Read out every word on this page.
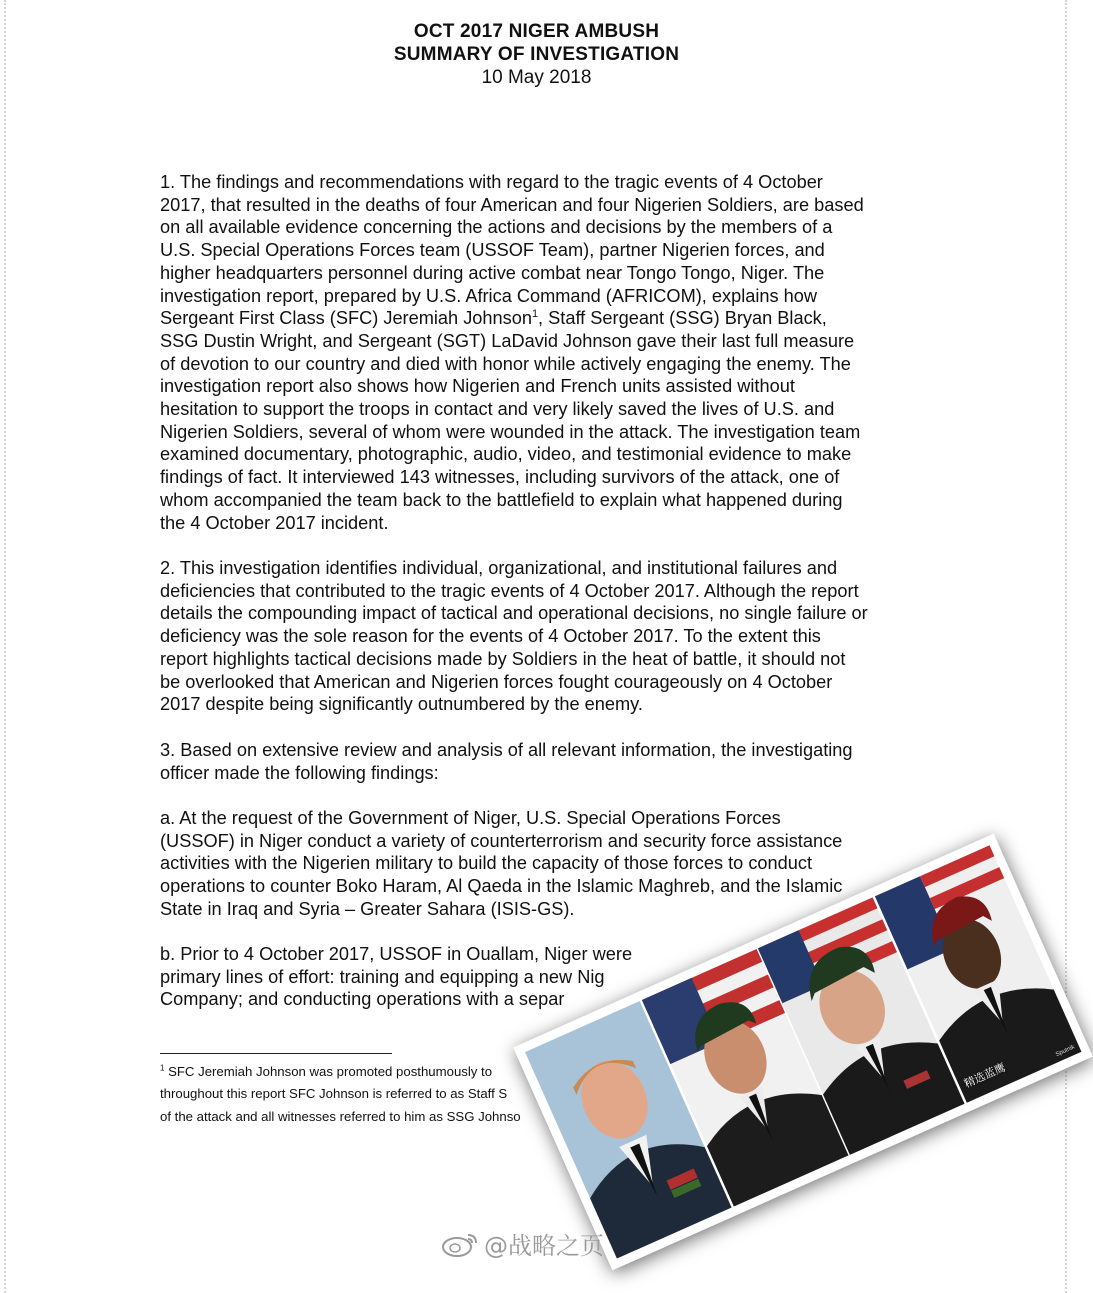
OCT 2017 NIGER AMBUSH
SUMMARY OF INVESTIGATION
10 May 2018

1. The findings and recommendations with regard to the tragic events of 4 October
2017, that resulted in the deaths of four American and four Nigerien Soldiers, are based
on all available evidence concerning the actions and decisions by the members of a
U.S. Special Operations Forces team (USSOF Team), partner Nigerien forces, and
higher headquarters personnel during active combat near Tongo Tongo, Niger. The
investigation report, prepared by U.S. Africa Command (AFRICOM), explains how
Sergeant First Class (SFC) Jeremiah Johnson$^1$, Staff Sergeant (SSG) Bryan Black,
SSG Dustin Wright, and Sergeant (SGT) LaDavid Johnson gave their last full measure
of devotion to our country and died with honor while actively engaging the enemy. The
investigation report also shows how Nigerien and French units assisted without
hesitation to support the troops in contact and very likely saved the lives of U.S. and
Nigerien Soldiers, several of whom were wounded in the attack. The investigation team
examined documentary, photographic, audio, video, and testimonial evidence to make
findings of fact. It interviewed 143 witnesses, including survivors of the attack, one of
whom accompanied the team back to the battlefield to explain what happened during
the 4 October 2017 incident.

2. This investigation identifies individual, organizational, and institutional failures and
deficiencies that contributed to the tragic events of 4 October 2017. Although the report
details the compounding impact of tactical and operational decisions, no single failure or
deficiency was the sole reason for the events of 4 October 2017. To the extent this
report highlights tactical decisions made by Soldiers in the heat of battle, it should not
be overlooked that American and Nigerien forces fought courageously on 4 October
2017 despite being significantly outnumbered by the enemy.

3. Based on extensive review and analysis of all relevant information, the investigating
officer made the following findings:

a. At the request of the Government of Niger, U.S. Special Operations Forces
(USSOF) in Niger conduct a variety of counterterrorism and security force assistance
activities with the Nigerien military to build the capacity of those forces to conduct
operations to counter Boko Haram, Al Qaeda in the Islamic Maghreb, and the Islamic
State in Iraq and Syria – Greater Sahara (ISIS-GS).

b. Prior to 4 October 2017, USSOF in Ouallam, Niger were
primary lines of effort: training and equipping a new Nig
Company; and conducting operations with a separ

$^1$ SFC Jeremiah Johnson was promoted posthumously to
throughout this report SFC Johnson is referred to as Staff S
of the attack and all witnesses referred to him as SSG Johnso
精选蓝鹰
Sputnik
@战略之页
